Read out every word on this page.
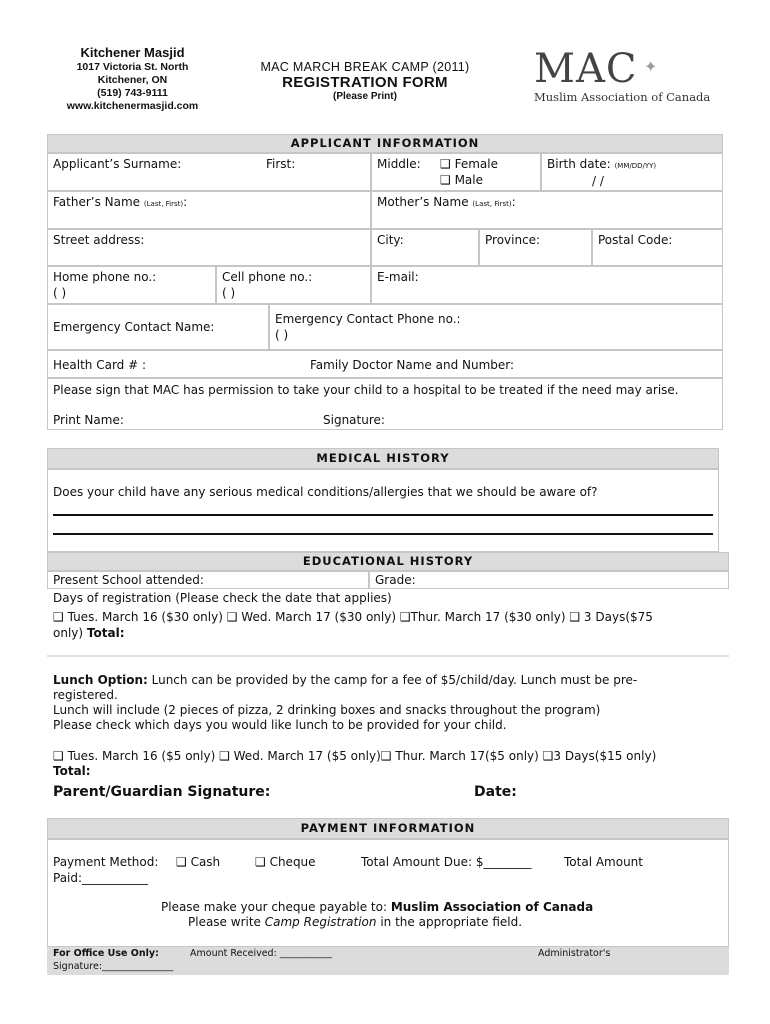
Kitchener Masjid
1017 Victoria St. North
Kitchener, ON
(519) 743-9111
www.kitchenermasjid.com
MAC MARCH BREAK CAMP (2011)
REGISTRATION FORM
(Please Print)
MAC ✦
Muslim Association of Canada
APPLICANT INFORMATION
Applicant’s Surname:	First:	Middle: ❑ Female
❑ Male
Birth date: (MM/DD/YY)
/ /
Father’s Name (Last, First):	Mother’s Name (Last, First):
Street address:	City:	Province:	Postal Code:
Home phone no.:
( )
Cell phone no.:
( )
E-mail:
Emergency Contact Name:
Emergency Contact Phone no.:
( )
Health Card # :	Family Doctor Name and Number:
Please sign that MAC has permission to take your child to a hospital to be treated if the need may arise.
Print Name:	Signature:
MEDICAL HISTORY
Does your child have any serious medical conditions/allergies that we should be aware of?
EDUCATIONAL HISTORY
Present School attended:	Grade:
Days of registration (Please check the date that applies)
❑ Tues. March 16 ($30 only) ❑ Wed. March 17 ($30 only) ❑Thur. March 17 ($30 only) ❑ 3 Days($75
only) Total:
Lunch Option: Lunch can be provided by the camp for a fee of $5/child/day. Lunch must be pre-
registered.
Lunch will include (2 pieces of pizza, 2 drinking boxes and snacks throughout the program)
Please check which days you would like lunch to be provided for your child.
❑ Tues. March 16 ($5 only) ❑ Wed. March 17 ($5 only)❑ Thur. March 17($5 only) ❑3 Days($15 only)
Total:
Parent/Guardian Signature:	Date:
PAYMENT INFORMATION
Payment Method: ❑ Cash	❑ Cheque	Total Amount Due: $________	Total Amount
Paid:___________
Please make your cheque payable to: Muslim Association of Canada
Please write Camp Registration in the appropriate field.
For Office Use Only:	Amount Received: ___________	Administrator's
Signature:_______________
